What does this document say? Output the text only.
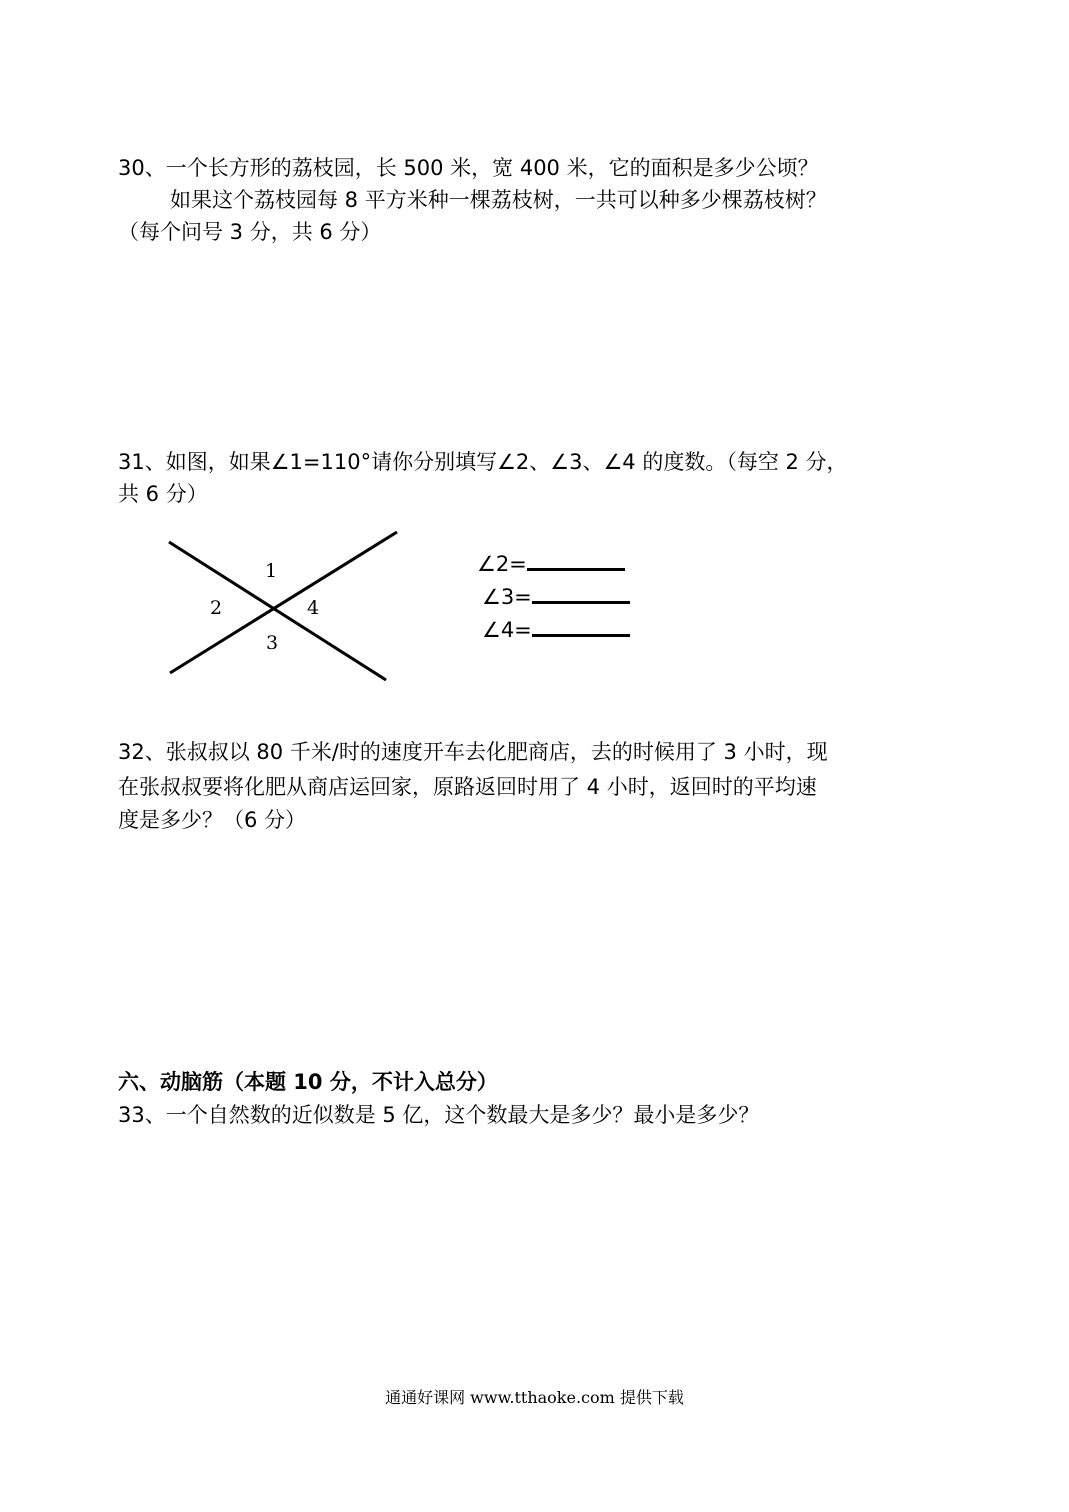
30、一个长方形的荔枝园，长 500 米，宽 400 米，它的面积是多少公顷？
如果这个荔枝园每 8 平方米种一棵荔枝树，一共可以种多少棵荔枝树？
（每个问号 3 分，共 6 分）
31、如图，如果∠1=110°请你分别填写∠2、∠3、∠4 的度数。（每空 2 分，
共 6 分）
1
2
3
4
∠2=
∠3=
∠4=
32、张叔叔以 80 千米/时的速度开车去化肥商店，去的时候用了 3 小时，现
在张叔叔要将化肥从商店运回家，原路返回时用了 4 小时，返回时的平均速
度是多少？（6 分）
六、动脑筋（本题 10 分，不计入总分）
33、一个自然数的近似数是 5 亿，这个数最大是多少？最小是多少？
通通好课网 www.tthaoke.com 提供下载
